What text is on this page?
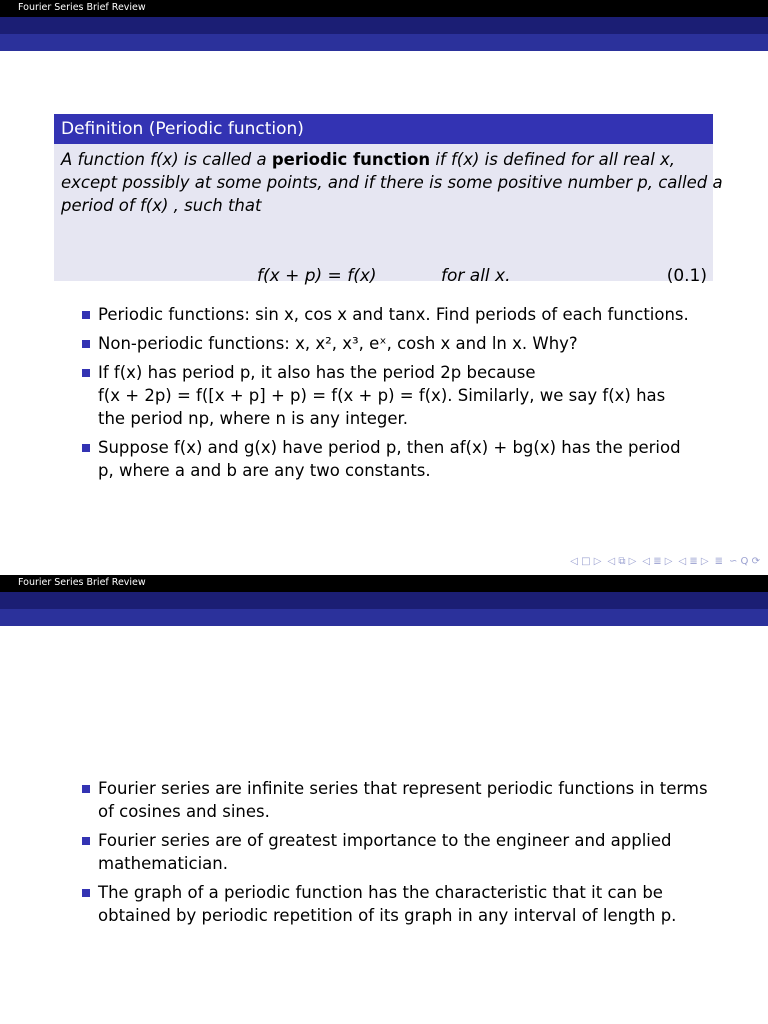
Fourier Series Brief Review
Definition (Periodic function)
A function f(x) is called a periodic function if f(x) is defined for all real x,
except possibly at some points, and if there is some positive number p, called a
period of f(x) , such that
f(x + p) = f(x)	for all x.	(0.1)
Periodic functions: sin x, cos x and tanx. Find periods of each functions.
Non-periodic functions: x, x², x³, eˣ, cosh x and ln x. Why?
If f(x) has period p, it also has the period 2p because
f(x + 2p) = f([x + p] + p) = f(x + p) = f(x). Similarly, we say f(x) has
the period np, where n is any integer.
Suppose f(x) and g(x) have period p, then af(x) + bg(x) has the period
p, where a and b are any two constants.
◁ □ ▷ ◁ ⧉ ▷ ◁ ≣ ▷ ◁ ≣ ▷ ≣ ∽ Q ⟳
Fourier Series Brief Review
Fourier series are infinite series that represent periodic functions in terms
of cosines and sines.
Fourier series are of greatest importance to the engineer and applied
mathematician.
The graph of a periodic function has the characteristic that it can be
obtained by periodic repetition of its graph in any interval of length p.
